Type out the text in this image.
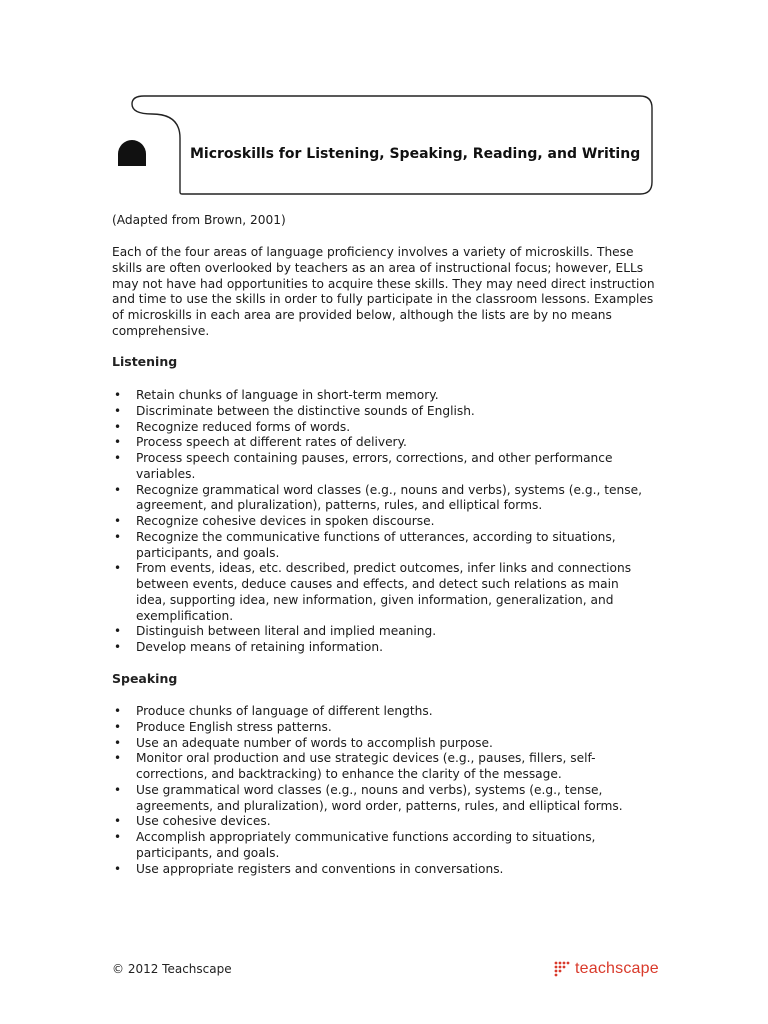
Microskills for Listening, Speaking, Reading, and Writing
(Adapted from Brown, 2001)
Each of the four areas of language proficiency involves a variety of microskills. These skills are often overlooked by teachers as an area of instructional focus; however, ELLs may not have had opportunities to acquire these skills. They may need direct instruction and time to use the skills in order to fully participate in the classroom lessons. Examples of microskills in each area are provided below, although the lists are by no means comprehensive.
Listening
• Retain chunks of language in short-term memory.
• Discriminate between the distinctive sounds of English.
• Recognize reduced forms of words.
• Process speech at different rates of delivery.
• Process speech containing pauses, errors, corrections, and other performance variables.
• Recognize grammatical word classes (e.g., nouns and verbs), systems (e.g., tense, agreement, and pluralization), patterns, rules, and elliptical forms.
• Recognize cohesive devices in spoken discourse.
• Recognize the communicative functions of utterances, according to situations, participants, and goals.
• From events, ideas, etc. described, predict outcomes, infer links and connections between events, deduce causes and effects, and detect such relations as main idea, supporting idea, new information, given information, generalization, and exemplification.
• Distinguish between literal and implied meaning.
• Develop means of retaining information.
Speaking
• Produce chunks of language of different lengths.
• Produce English stress patterns.
• Use an adequate number of words to accomplish purpose.
• Monitor oral production and use strategic devices (e.g., pauses, fillers, self-corrections, and backtracking) to enhance the clarity of the message.
• Use grammatical word classes (e.g., nouns and verbs), systems (e.g., tense, agreements, and pluralization), word order, patterns, rules, and elliptical forms.
• Use cohesive devices.
• Accomplish appropriately communicative functions according to situations, participants, and goals.
• Use appropriate registers and conventions in conversations.
© 2012 Teachscape	teachscape
